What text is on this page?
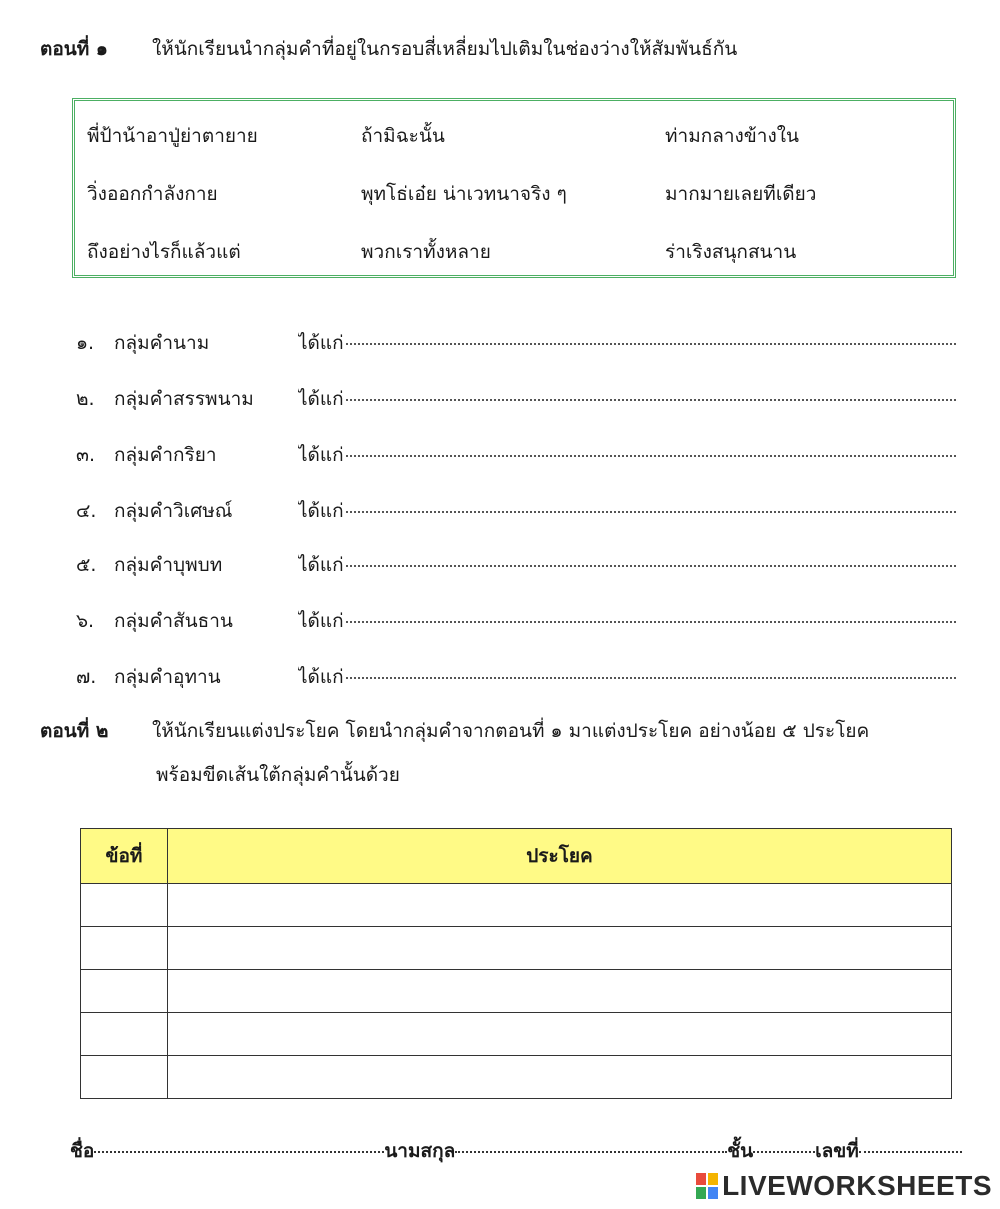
ตอนที่ ๑ ให้นักเรียนนำกลุ่มคำที่อยู่ในกรอบสี่เหลี่ยมไปเติมในช่องว่างให้สัมพันธ์กัน
พี่ป้าน้าอาปู่ย่าตายาย	ถ้ามิฉะนั้น	ท่ามกลางข้างใน
วิ่งออกกำลังกาย	พุทโธ่เอ๋ย น่าเวทนาจริง ๆ	มากมายเลยทีเดียว
ถึงอย่างไรก็แล้วแต่	พวกเราทั้งหลาย	ร่าเริงสนุกสนาน
๑. กลุ่มคำนาม	ได้แก่
๒. กลุ่มคำสรรพนาม ได้แก่
๓. กลุ่มคำกริยา	ได้แก่
๔. กลุ่มคำวิเศษณ์	ได้แก่
๕. กลุ่มคำบุพบท	ได้แก่
๖. กลุ่มคำสันธาน	ได้แก่
๗. กลุ่มคำอุทาน	ได้แก่
ตอนที่ ๒ ให้นักเรียนแต่งประโยค โดยนำกลุ่มคำจากตอนที่ ๑ มาแต่งประโยค อย่างน้อย ๕ ประโยค
พร้อมขีดเส้นใต้กลุ่มคำนั้นด้วย
ข้อที่	ประโยค

ชื่อ	นามสกุล	ชั้น	เลขที่
LIVEWORKSHEETS
